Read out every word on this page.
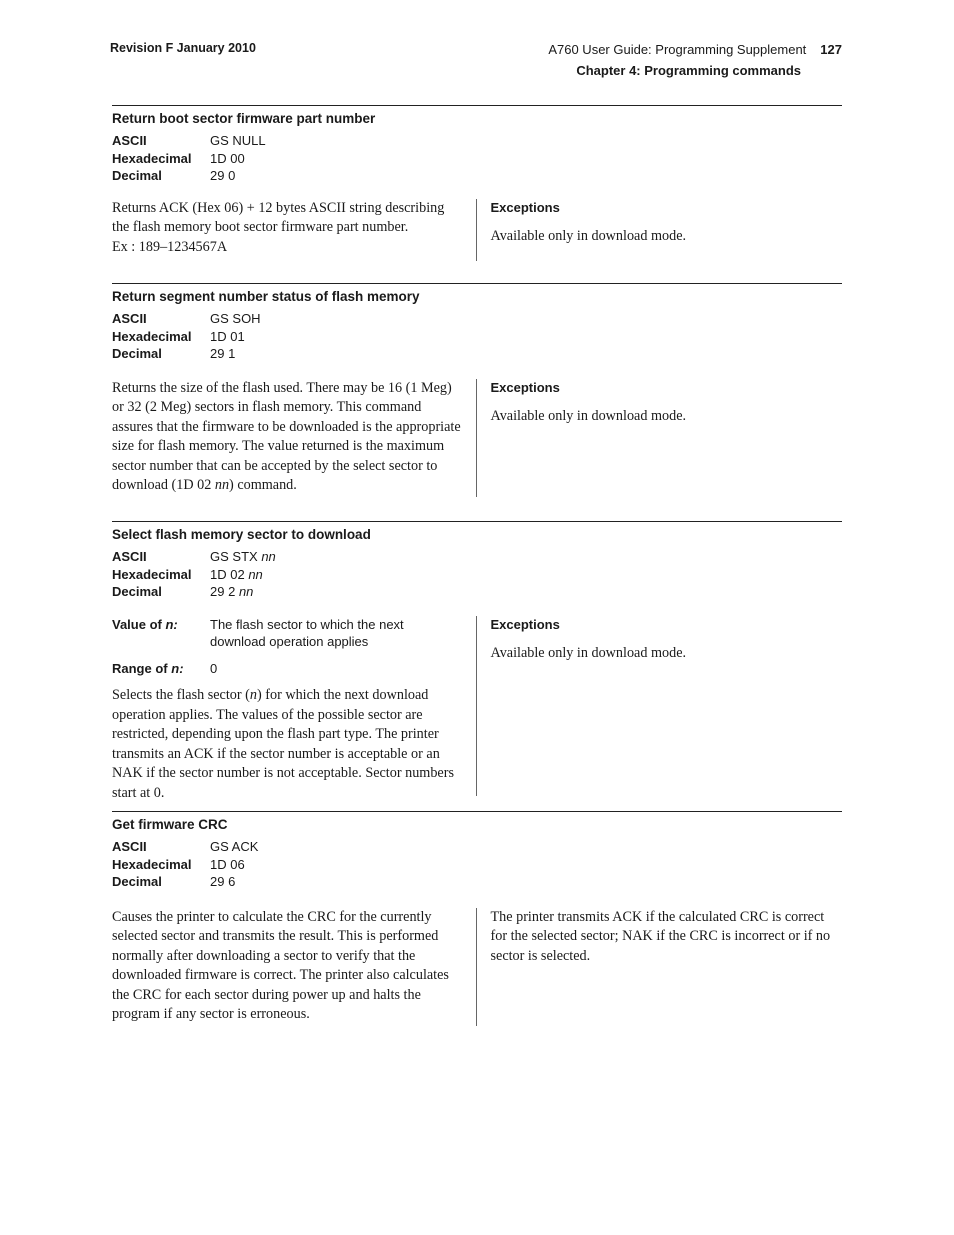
Revision F January 2010	A760 User Guide: Programming Supplement 127
Chapter 4: Programming commands
Return boot sector firmware part number
ASCII	GS NULL
Hexadecimal	1D 00
Decimal	29 0
Returns ACK (Hex 06) + 12 bytes ASCII string describing the flash memory boot sector firmware part number.
Ex : 189–1234567A
Exceptions
Available only in download mode.
Return segment number status of flash memory
ASCII	GS SOH
Hexadecimal	1D 01
Decimal	29 1
Returns the size of the flash used. There may be 16 (1 Meg) or 32 (2 Meg) sectors in flash memory. This command assures that the firmware to be downloaded is the appropriate size for flash memory. The value returned is the maximum sector number that can be accepted by the select sector to download (1D 02 nn) command.
Exceptions
Available only in download mode.
Select flash memory sector to download
ASCII	GS STX nn
Hexadecimal	1D 02 nn
Decimal	29 2 nn
Value of n:	The flash sector to which the next download operation applies
Range of n:	0
Selects the flash sector (n) for which the next download operation applies. The values of the possible sector are restricted, depending upon the flash part type. The printer transmits an ACK if the sector number is acceptable or an NAK if the sector number is not acceptable. Sector numbers start at 0.
Exceptions
Available only in download mode.
Get firmware CRC
ASCII	GS ACK
Hexadecimal	1D 06
Decimal	29 6
Causes the printer to calculate the CRC for the currently selected sector and transmits the result. This is performed normally after downloading a sector to verify that the downloaded firmware is correct. The printer also calculates the CRC for each sector during power up and halts the program if any sector is erroneous.
The printer transmits ACK if the calculated CRC is correct for the selected sector; NAK if the CRC is incorrect or if no sector is selected.
